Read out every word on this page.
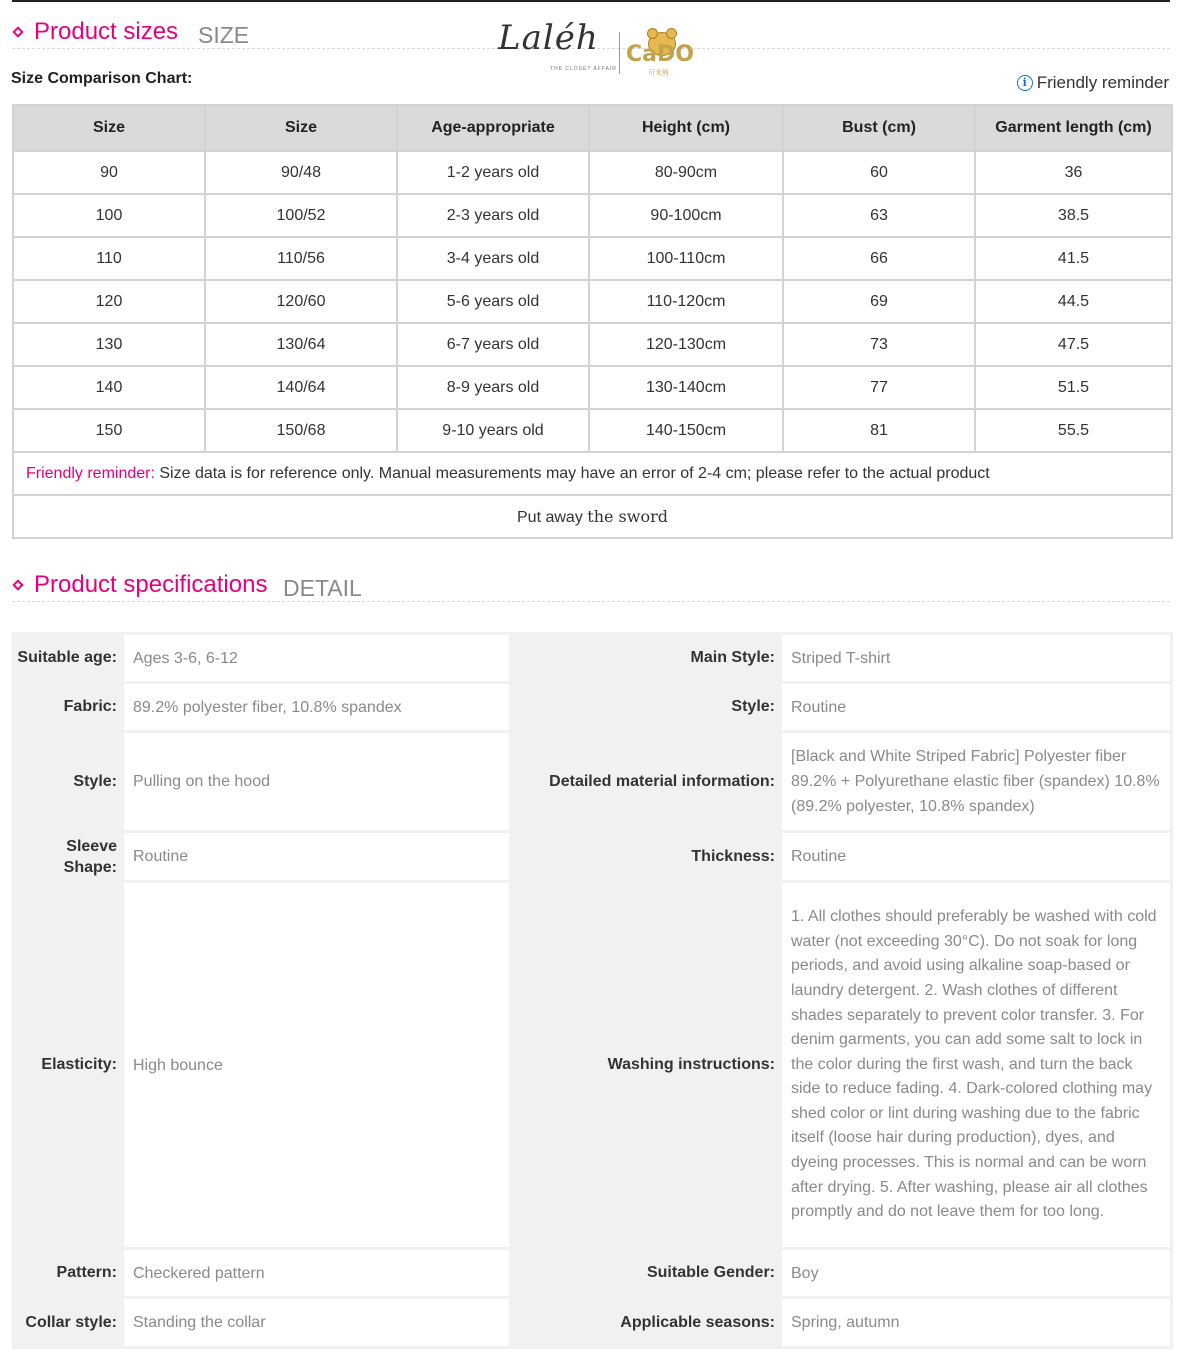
Product sizes SIZE	Laléh
THE CLOSET AFFAIR
CaDO
可米熊
Size Comparison Chart:	i Friendly reminder
Size	Size	Age-appropriate	Height (cm)	Bust (cm)	Garment length (cm)
90	90/48	1-2 years old	80-90cm	60	36
100	100/52	2-3 years old	90-100cm	63	38.5
110	110/56	3-4 years old	100-110cm	66	41.5
120	120/60	5-6 years old	110-120cm	69	44.5
130	130/64	6-7 years old	120-130cm	73	47.5
140	140/64	8-9 years old	130-140cm	77	51.5
150	150/68	9-10 years old	140-150cm	81	55.5
Friendly reminder: Size data is for reference only. Manual measurements may have an error of 2-4 cm; please refer to the actual product					
Put away the sword					
Product specifications DETAIL
Suitable age:	Ages 3-6, 6-12	Main Style:	Striped T-shirt
Fabric:	89.2% polyester fiber, 10.8% spandex	Style:	Routine
Style:	Pulling on the hood	Detailed material information:	[Black and White Striped Fabric] Polyester fiber 89.2% + Polyurethane elastic fiber (spandex) 10.8% (89.2% polyester, 10.8% spandex)
Sleeve Shape:	Routine	Thickness:	Routine
Elasticity:	High bounce	Washing instructions:	1. All clothes should preferably be washed with cold water (not exceeding 30°C). Do not soak for long periods, and avoid using alkaline soap-based or laundry detergent. 2. Wash clothes of different shades separately to prevent color transfer. 3. For denim garments, you can add some salt to lock in the color during the first wash, and turn the back side to reduce fading. 4. Dark-colored clothing may shed color or lint during washing due to the fabric itself (loose hair during production), dyes, and dyeing processes. This is normal and can be worn after drying. 5. After washing, please air all clothes promptly and do not leave them for too long.
Pattern:	Checkered pattern	Suitable Gender:	Boy
Collar style:	Standing the collar	Applicable seasons:	Spring, autumn
